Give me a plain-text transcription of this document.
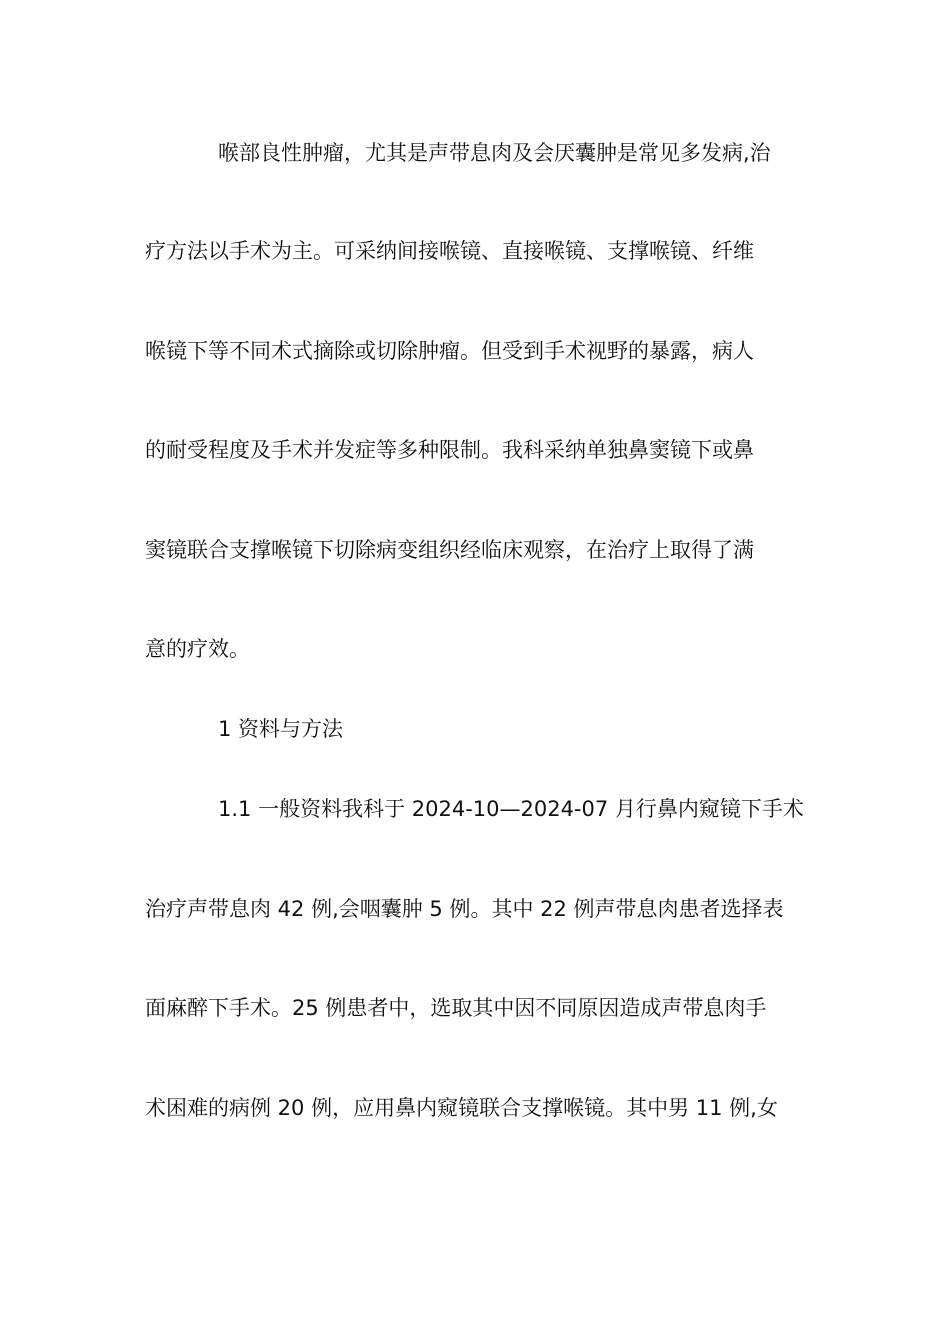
喉部良性肿瘤，尤其是声带息肉及会厌囊肿是常见多发病,治
疗方法以手术为主。可采纳间接喉镜、直接喉镜、支撑喉镜、纤维
喉镜下等不同术式摘除或切除肿瘤。但受到手术视野的暴露，病人
的耐受程度及手术并发症等多种限制。我科采纳单独鼻窦镜下或鼻
窦镜联合支撑喉镜下切除病变组织经临床观察，在治疗上取得了满
意的疗效。
1 资料与方法
1.1 一般资料我科于 2024-10—2024-07 月行鼻内窥镜下手术
治疗声带息肉 42 例,会咽囊肿 5 例。其中 22 例声带息肉患者选择表
面麻醉下手术。25 例患者中，选取其中因不同原因造成声带息肉手
术困难的病例 20 例，应用鼻内窥镜联合支撑喉镜。其中男 11 例,女
